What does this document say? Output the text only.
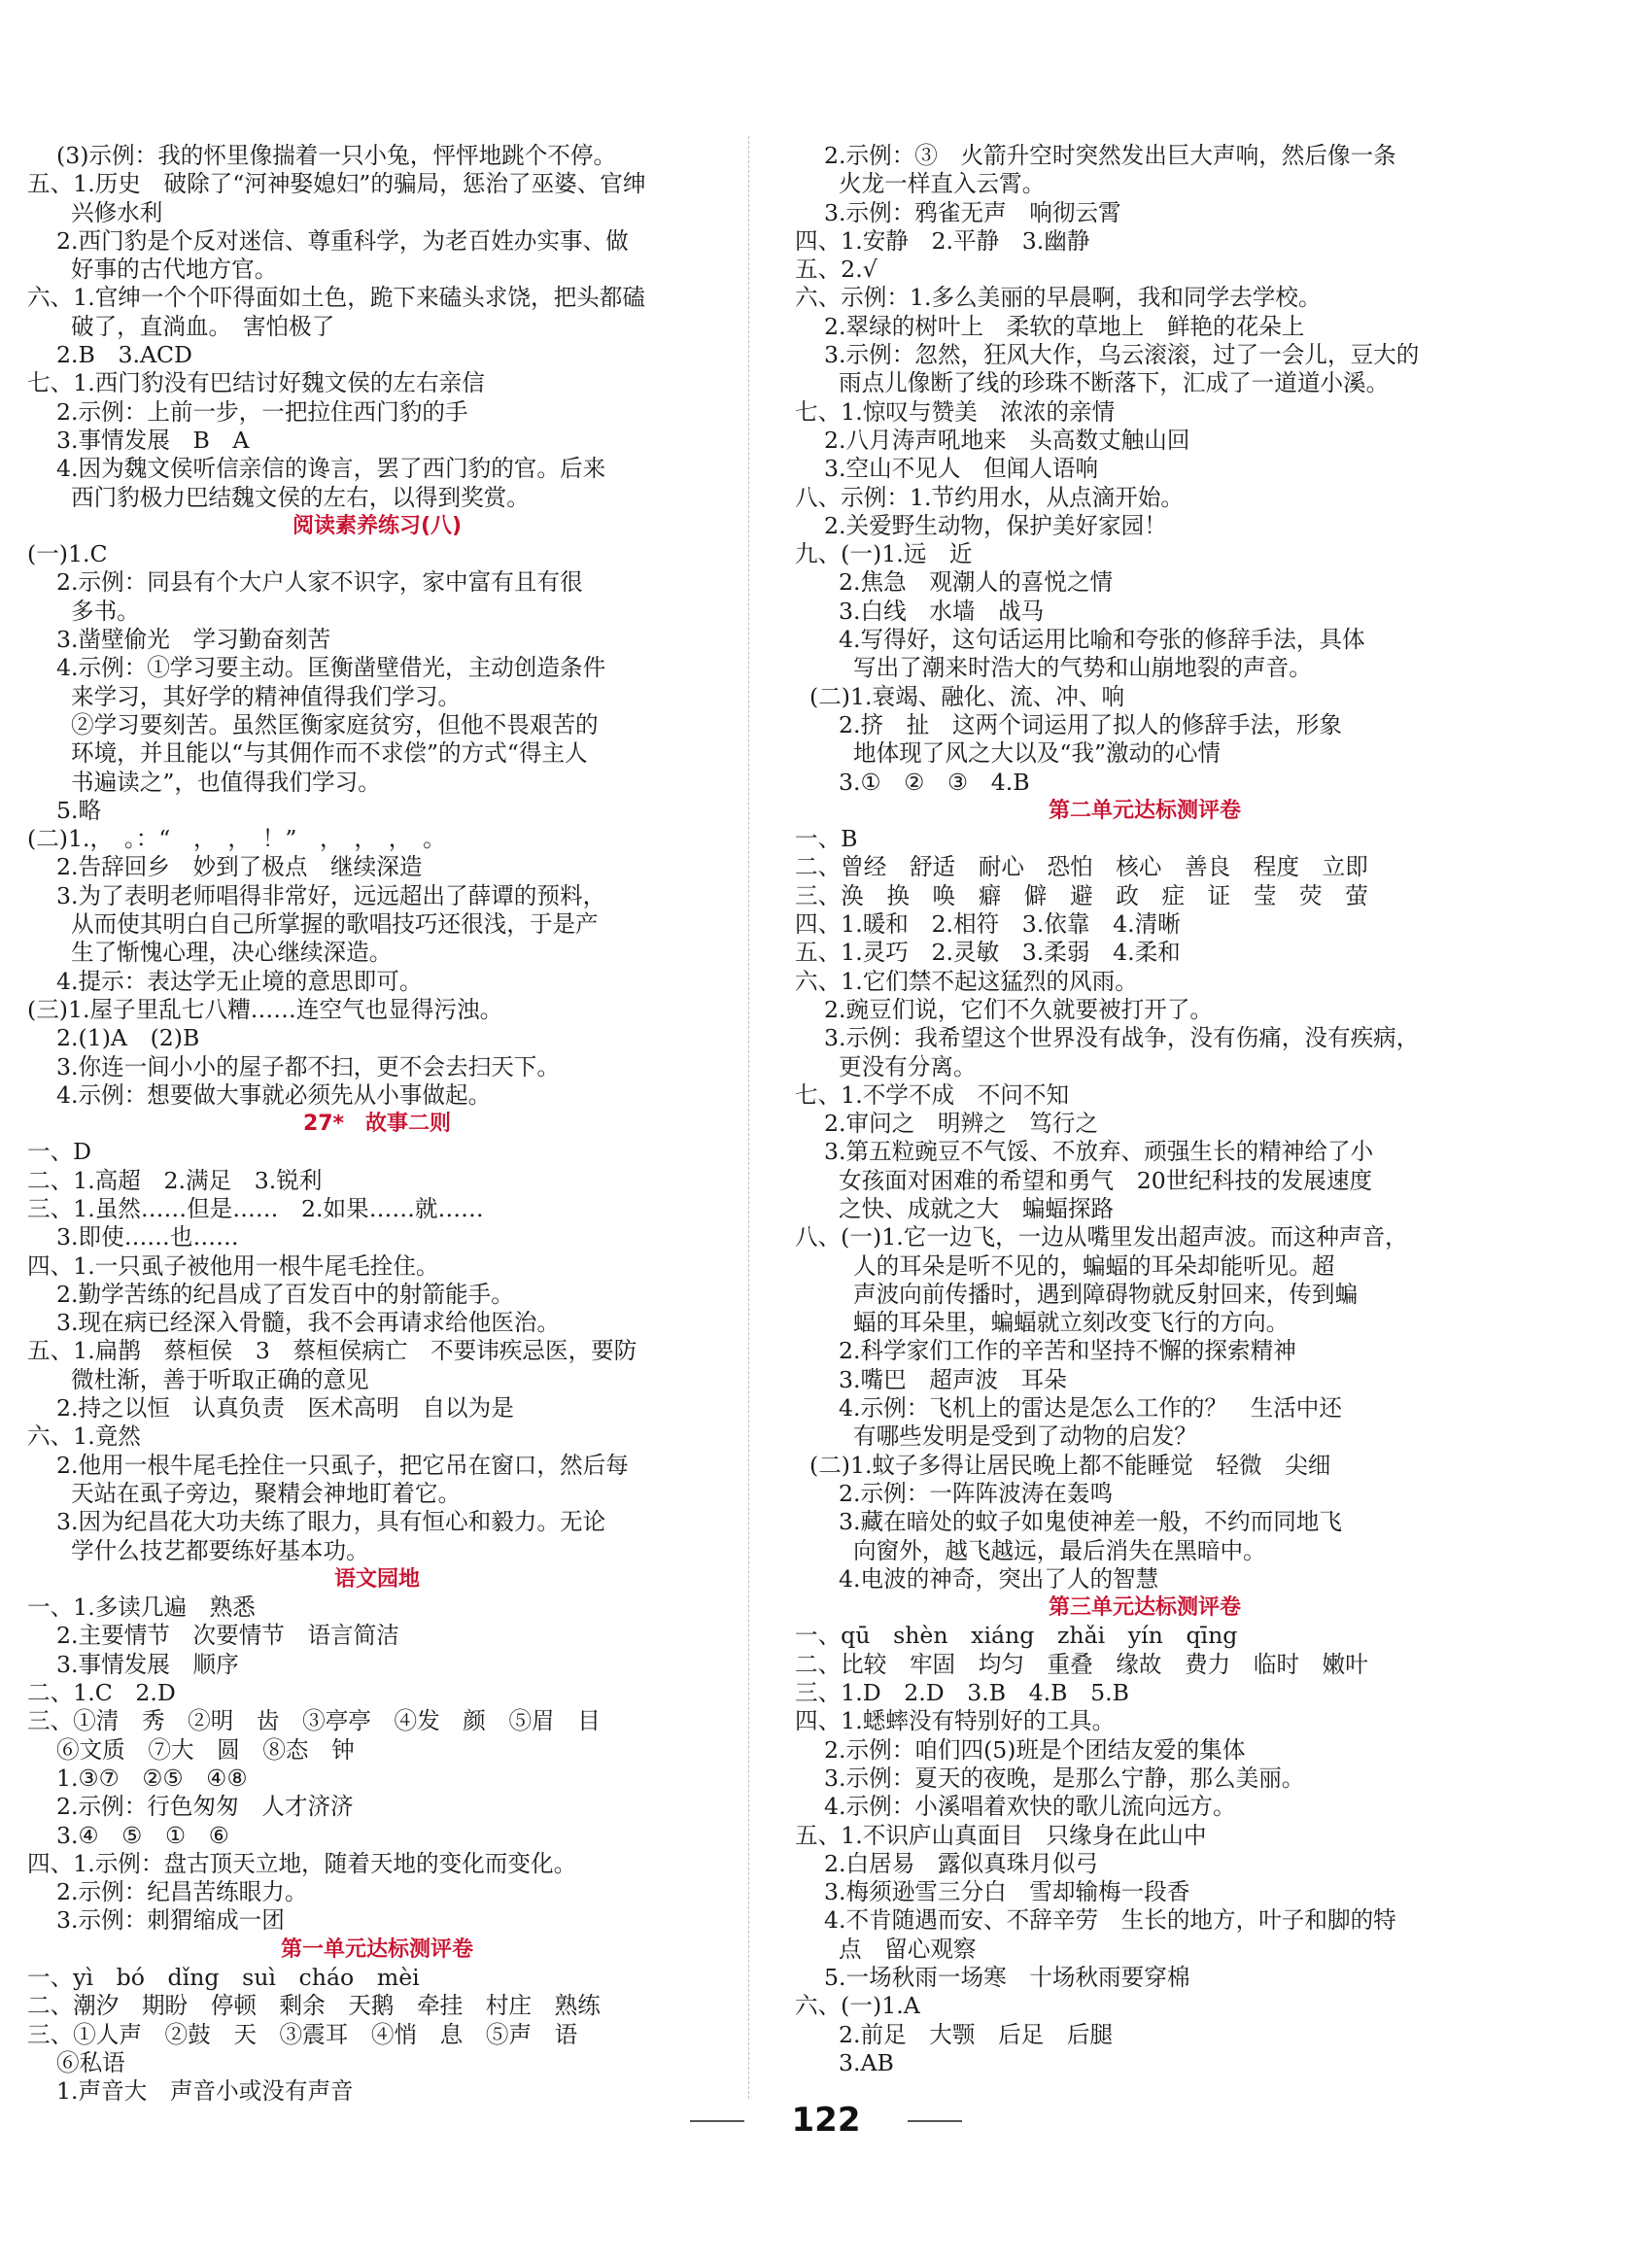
(3)示例：我的怀里像揣着一只小兔，怦怦地跳个不停。
五、1.历史　破除了“河神娶媳妇”的骗局，惩治了巫婆、官绅
兴修水利
2.西门豹是个反对迷信、尊重科学，为老百姓办实事、做
好事的古代地方官。
六、1.官绅一个个吓得面如土色，跪下来磕头求饶，把头都磕
破了，直淌血。　害怕极了
2.B　3.ACD
七、1.西门豹没有巴结讨好魏文侯的左右亲信
2.示例：上前一步，一把拉住西门豹的手
3.事情发展　B　A
4.因为魏文侯听信亲信的谗言，罢了西门豹的官。后来
西门豹极力巴结魏文侯的左右，以得到奖赏。
阅读素养练习(八)
(一)1.C
2.示例：同县有个大户人家不识字，家中富有且有很
多书。
3.凿壁偷光　学习勤奋刻苦
4.示例：①学习要主动。匡衡凿壁借光，主动创造条件
来学习，其好学的精神值得我们学习。
②学习要刻苦。虽然匡衡家庭贫穷，但他不畏艰苦的
环境，并且能以“与其佣作而不求偿”的方式“得主人
书遍读之”，也值得我们学习。
5.略
(二)1.，　。：“　，　，　！”　，　，　，　。
2.告辞回乡　妙到了极点　继续深造
3.为了表明老师唱得非常好，远远超出了薛谭的预料，
从而使其明白自己所掌握的歌唱技巧还很浅，于是产
生了惭愧心理，决心继续深造。
4.提示：表达学无止境的意思即可。
(三)1.屋子里乱七八糟……连空气也显得污浊。
2.(1)A　(2)B
3.你连一间小小的屋子都不扫，更不会去扫天下。
4.示例：想要做大事就必须先从小事做起。
27*　故事二则
一、D
二、1.高超　2.满足　3.锐利
三、1.虽然……但是……　2.如果……就……
3.即使……也……
四、1.一只虱子被他用一根牛尾毛拴住。
2.勤学苦练的纪昌成了百发百中的射箭能手。
3.现在病已经深入骨髓，我不会再请求给他医治。
五、1.扁鹊　蔡桓侯　3　蔡桓侯病亡　不要讳疾忌医，要防
微杜渐，善于听取正确的意见
2.持之以恒　认真负责　医术高明　自以为是
六、1.竟然
2.他用一根牛尾毛拴住一只虱子，把它吊在窗口，然后每
天站在虱子旁边，聚精会神地盯着它。
3.因为纪昌花大功夫练了眼力，具有恒心和毅力。无论
学什么技艺都要练好基本功。
语文园地
一、1.多读几遍　熟悉
2.主要情节　次要情节　语言简洁
3.事情发展　顺序
二、1.C　2.D
三、①清　秀　②明　齿　③亭亭　④发　颜　⑤眉　目
⑥文质　⑦大　圆　⑧态　钟
1.③⑦　②⑤　④⑧
2.示例：行色匆匆　人才济济
3.④　⑤　①　⑥
四、1.示例：盘古顶天立地，随着天地的变化而变化。
2.示例：纪昌苦练眼力。
3.示例：刺猬缩成一团
第一单元达标测评卷
一、yì　bó　dǐng　suì　cháo　mèi
二、潮汐　期盼　停顿　剩余　天鹅　牵挂　村庄　熟练
三、①人声　②鼓　天　③震耳　④悄　息　⑤声　语
⑥私语
1.声音大　声音小或没有声音
2.示例：③　火箭升空时突然发出巨大声响，然后像一条
火龙一样直入云霄。
3.示例：鸦雀无声　响彻云霄
四、1.安静　2.平静　3.幽静
五、2.√
六、示例：1.多么美丽的早晨啊，我和同学去学校。
2.翠绿的树叶上　柔软的草地上　鲜艳的花朵上
3.示例：忽然，狂风大作，乌云滚滚，过了一会儿，豆大的
雨点儿像断了线的珍珠不断落下，汇成了一道道小溪。
七、1.惊叹与赞美　浓浓的亲情
2.八月涛声吼地来　头高数丈触山回
3.空山不见人　但闻人语响
八、示例：1.节约用水，从点滴开始。
2.关爱野生动物，保护美好家园！
九、(一)1.远　近
2.焦急　观潮人的喜悦之情
3.白线　水墙　战马
4.写得好，这句话运用比喻和夸张的修辞手法，具体
写出了潮来时浩大的气势和山崩地裂的声音。
(二)1.衰竭、融化、流、冲、响
2.挤　扯　这两个词运用了拟人的修辞手法，形象
地体现了风之大以及“我”激动的心情
3.①　②　③　4.B
第二单元达标测评卷
一、B
二、曾经　舒适　耐心　恐怕　核心　善良　程度　立即
三、涣　换　唤　癖　僻　避　政　症　证　莹　荧　萤
四、1.暖和　2.相符　3.依靠　4.清晰
五、1.灵巧　2.灵敏　3.柔弱　4.柔和
六、1.它们禁不起这猛烈的风雨。
2.豌豆们说，它们不久就要被打开了。
3.示例：我希望这个世界没有战争，没有伤痛，没有疾病，
更没有分离。
七、1.不学不成　不问不知
2.审问之　明辨之　笃行之
3.第五粒豌豆不气馁、不放弃、顽强生长的精神给了小
女孩面对困难的希望和勇气　20世纪科技的发展速度
之快、成就之大　蝙蝠探路
八、(一)1.它一边飞，一边从嘴里发出超声波。而这种声音，
人的耳朵是听不见的，蝙蝠的耳朵却能听见。超
声波向前传播时，遇到障碍物就反射回来，传到蝙
蝠的耳朵里，蝙蝠就立刻改变飞行的方向。
2.科学家们工作的辛苦和坚持不懈的探索精神
3.嘴巴　超声波　耳朵
4.示例：飞机上的雷达是怎么工作的？　生活中还
有哪些发明是受到了动物的启发？
(二)1.蚊子多得让居民晚上都不能睡觉　轻微　尖细
2.示例：一阵阵波涛在轰鸣
3.藏在暗处的蚊子如鬼使神差一般，不约而同地飞
向窗外，越飞越远，最后消失在黑暗中。
4.电波的神奇，突出了人的智慧
第三单元达标测评卷
一、qū　shèn　xiáng　zhǎi　yín　qīng
二、比较　牢固　均匀　重叠　缘故　费力　临时　嫩叶
三、1.D　2.D　3.B　4.B　5.B
四、1.蟋蟀没有特别好的工具。
2.示例：咱们四(5)班是个团结友爱的集体
3.示例：夏天的夜晚，是那么宁静，那么美丽。
4.示例：小溪唱着欢快的歌儿流向远方。
五、1.不识庐山真面目　只缘身在此山中
2.白居易　露似真珠月似弓
3.梅须逊雪三分白　雪却输梅一段香
4.不肯随遇而安、不辞辛劳　生长的地方，叶子和脚的特
点　留心观察
5.一场秋雨一场寒　十场秋雨要穿棉
六、(一)1.A
2.前足　大颚　后足　后腿
3.AB
122
